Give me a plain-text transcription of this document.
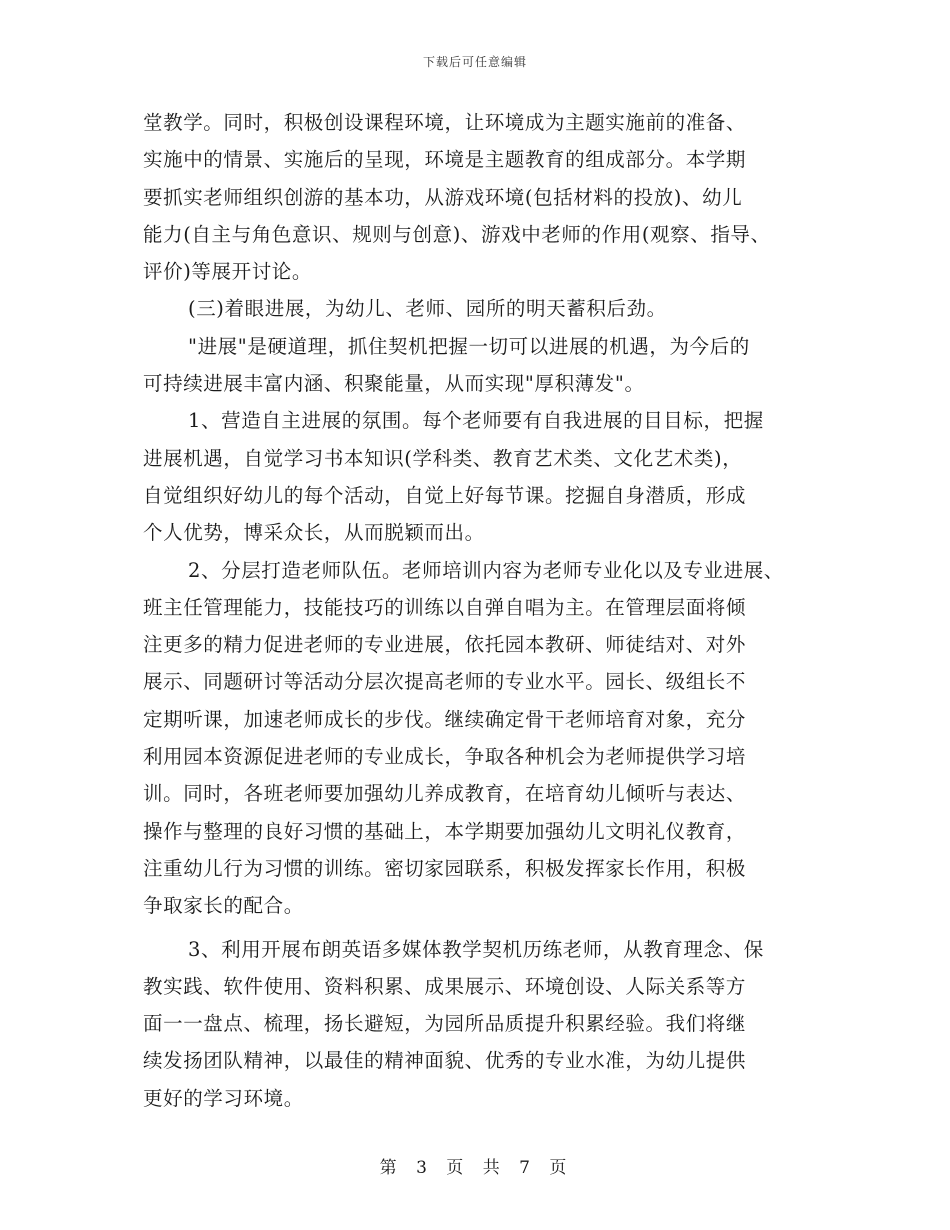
下载后可任意编辑
堂教学。同时，积极创设课程环境，让环境成为主题实施前的准备、
实施中的情景、实施后的呈现，环境是主题教育的组成部分。本学期
要抓实老师组织创游的基本功，从游戏环境(包括材料的投放)、幼儿
能力(自主与角色意识、规则与创意)、游戏中老师的作用(观察、指导、
评价)等展开讨论。
(三)着眼进展，为幼儿、老师、园所的明天蓄积后劲。
"进展"是硬道理，抓住契机把握一切可以进展的机遇，为今后的
可持续进展丰富内涵、积聚能量，从而实现"厚积薄发"。
1、营造自主进展的氛围。每个老师要有自我进展的目目标，把握
进展机遇，自觉学习书本知识(学科类、教育艺术类、文化艺术类)，
自觉组织好幼儿的每个活动，自觉上好每节课。挖掘自身潜质，形成
个人优势，博采众长，从而脱颖而出。
2、分层打造老师队伍。老师培训内容为老师专业化以及专业进展、
班主任管理能力，技能技巧的训练以自弹自唱为主。在管理层面将倾
注更多的精力促进老师的专业进展，依托园本教研、师徒结对、对外
展示、同题研讨等活动分层次提高老师的专业水平。园长、级组长不
定期听课，加速老师成长的步伐。继续确定骨干老师培育对象，充分
利用园本资源促进老师的专业成长，争取各种机会为老师提供学习培
训。同时，各班老师要加强幼儿养成教育，在培育幼儿倾听与表达、
操作与整理的良好习惯的基础上，本学期要加强幼儿文明礼仪教育，
注重幼儿行为习惯的训练。密切家园联系，积极发挥家长作用，积极
争取家长的配合。
3、利用开展布朗英语多媒体教学契机历练老师，从教育理念、保
教实践、软件使用、资料积累、成果展示、环境创设、人际关系等方
面一一盘点、梳理，扬长避短，为园所品质提升积累经验。我们将继
续发扬团队精神，以最佳的精神面貌、优秀的专业水准，为幼儿提供
更好的学习环境。
第 3 页 共 7 页
